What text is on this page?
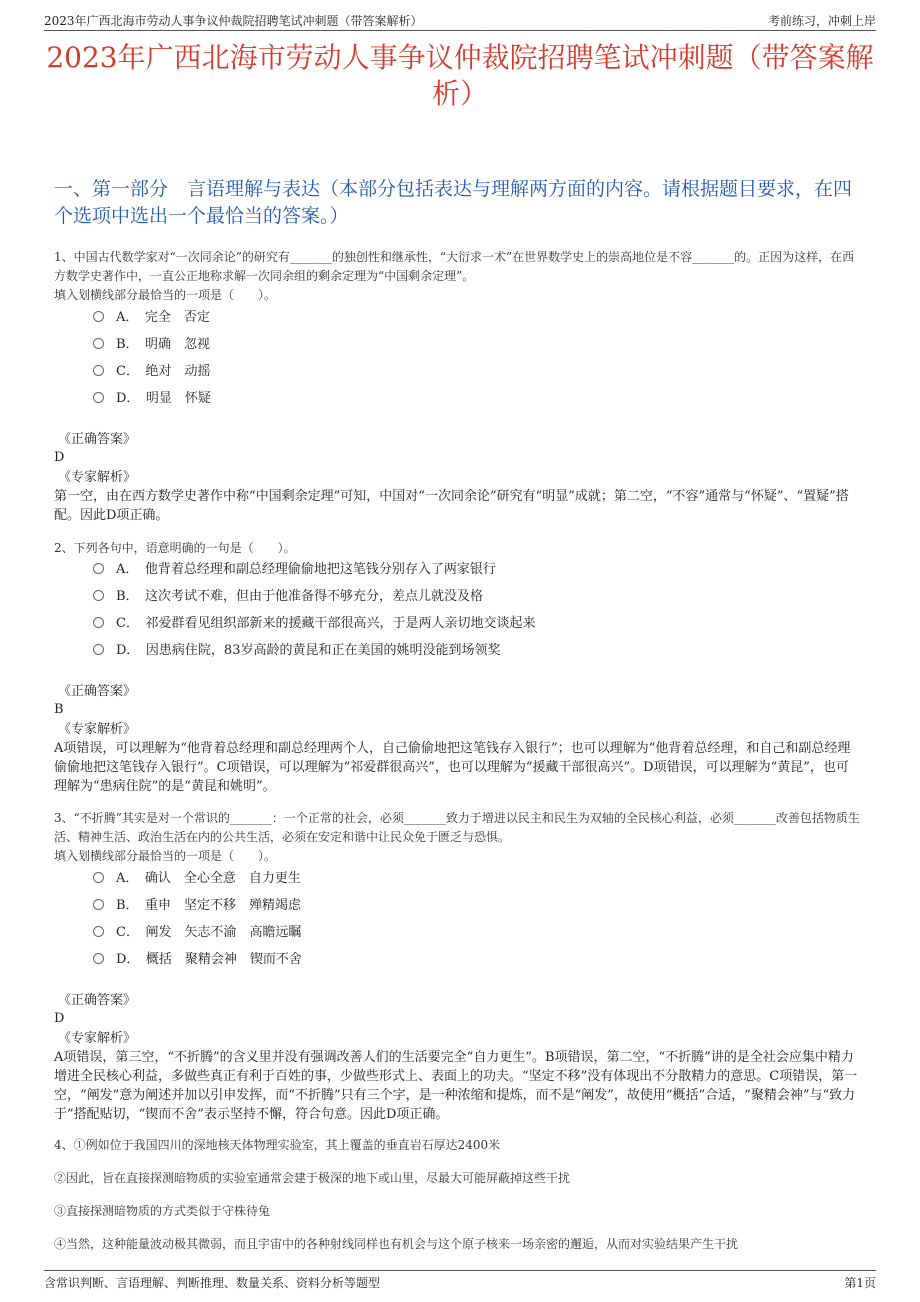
2023年广西北海市劳动人事争议仲裁院招聘笔试冲刺题（带答案解析）	考前练习，冲刺上岸
2023年广西北海市劳动人事争议仲裁院招聘笔试冲刺题（带答案解析）
一、第一部分　言语理解与表达（本部分包括表达与理解两方面的内容。请根据题目要求，在四个选项中选出一个最恰当的答案。）
1、中国古代数学家对“一次同余论”的研究有_______的独创性和继承性，“大衍求一术”在世界数学史上的崇高地位是不容_______的。正因为这样，在西方数学史著作中，一直公正地称求解一次同余组的剩余定理为“中国剩余定理”。
填入划横线部分最恰当的一项是（　　）。
A．　完全　否定
B．　明确　忽视
C．　绝对　动摇
D．　明显　怀疑
《正确答案》
D
《专家解析》
第一空，由在西方数学史著作中称“中国剩余定理”可知，中国对“一次同余论”研究有“明显”成就；第二空，“不容”通常与“怀疑”、“置疑”搭配。因此D项正确。
2、下列各句中，语意明确的一句是（　　）。
A．　他背着总经理和副总经理偷偷地把这笔钱分别存入了两家银行
B．　这次考试不难，但由于他准备得不够充分，差点儿就没及格
C．　祁爱群看见组织部新来的援藏干部很高兴，于是两人亲切地交谈起来
D．　因患病住院，83岁高龄的黄昆和正在美国的姚明没能到场领奖
《正确答案》
B
《专家解析》
A项错误，可以理解为“他背着总经理和副总经理两个人，自己偷偷地把这笔钱存入银行”；也可以理解为“他背着总经理，和自己和副总经理偷偷地把这笔钱存入银行”。C项错误，可以理解为“祁爱群很高兴”，也可以理解为“援藏干部很高兴”。D项错误，可以理解为“黄昆”，也可理解为“患病住院”的是“黄昆和姚明”。
3、“不折腾”其实是对一个常识的_______：一个正常的社会，必须_______致力于增进以民主和民生为双轴的全民核心利益，必须_______改善包括物质生活、精神生活、政治生活在内的公共生活，必须在安定和谐中让民众免于匮乏与恐惧。
填入划横线部分最恰当的一项是（　　）。
A．　确认　全心全意　自力更生
B．　重申　坚定不移　殚精竭虑
C．　阐发　矢志不渝　高瞻远瞩
D．　概括　聚精会神　锲而不舍
《正确答案》
D
《专家解析》
A项错误，第三空，“不折腾”的含义里并没有强调改善人们的生活要完全“自力更生”。B项错误，第二空，“不折腾”讲的是全社会应集中精力增进全民核心利益，多做些真正有利于百姓的事，少做些形式上、表面上的功夫。“坚定不移”没有体现出不分散精力的意思。C项错误，第一空，“阐发”意为阐述并加以引申发挥，而“不折腾”只有三个字，是一种浓缩和提炼，而不是“阐发”，故使用“概括”合适，“聚精会神”与“致力于”搭配贴切，“锲而不舍”表示坚持不懈，符合句意。因此D项正确。
4、①例如位于我国四川的深地核天体物理实验室，其上覆盖的垂直岩石厚达2400米
②因此，旨在直接探测暗物质的实验室通常会建于极深的地下或山里，尽最大可能屏蔽掉这些干扰
③直接探测暗物质的方式类似于守株待兔
④当然，这种能量波动极其微弱，而且宇宙中的各种射线同样也有机会与这个原子核来一场亲密的邂逅，从而对实验结果产生干扰
含常识判断、言语理解、判断推理、数量关系、资料分析等题型	第1页
